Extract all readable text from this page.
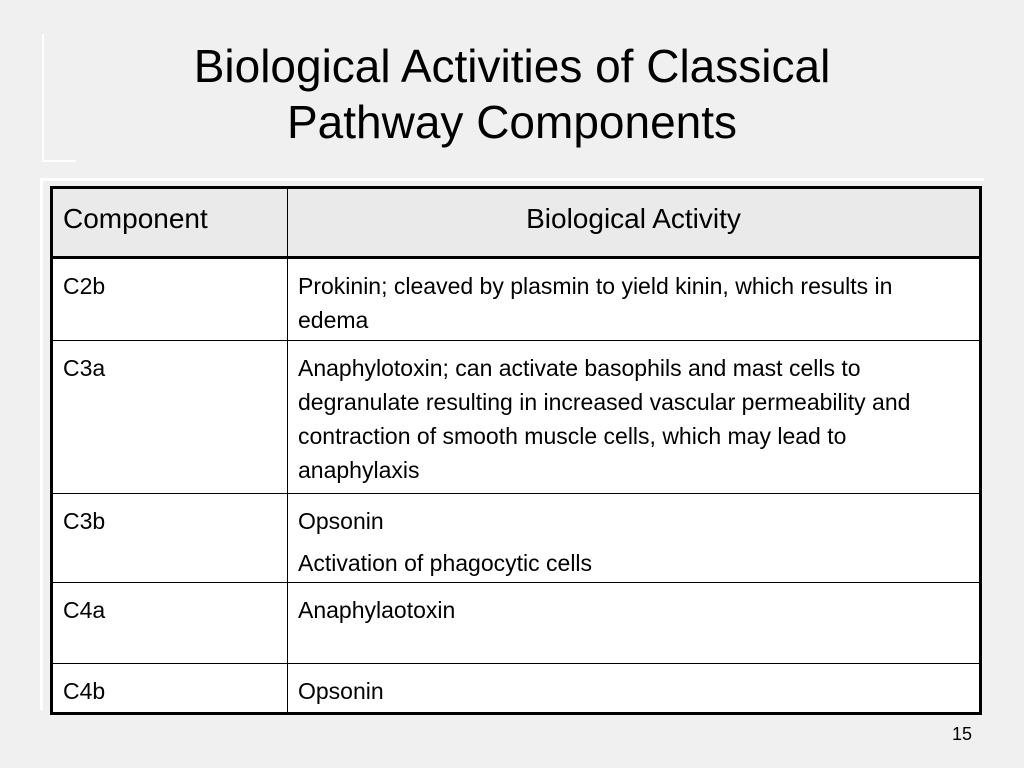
Biological Activities of Classical
Pathway Components
Component	Biological Activity
C2b	Prokinin; cleaved by plasmin to yield kinin, which results in edema

C3a	Anaphylotoxin; can activate basophils and mast cells to degranulate resulting in increased vascular permeability and contraction of smooth muscle cells, which may lead to anaphylaxis

C3b	Opsonin
Activation of phagocytic cells

C4a	Anaphylaotoxin

C4b	Opsonin
15
